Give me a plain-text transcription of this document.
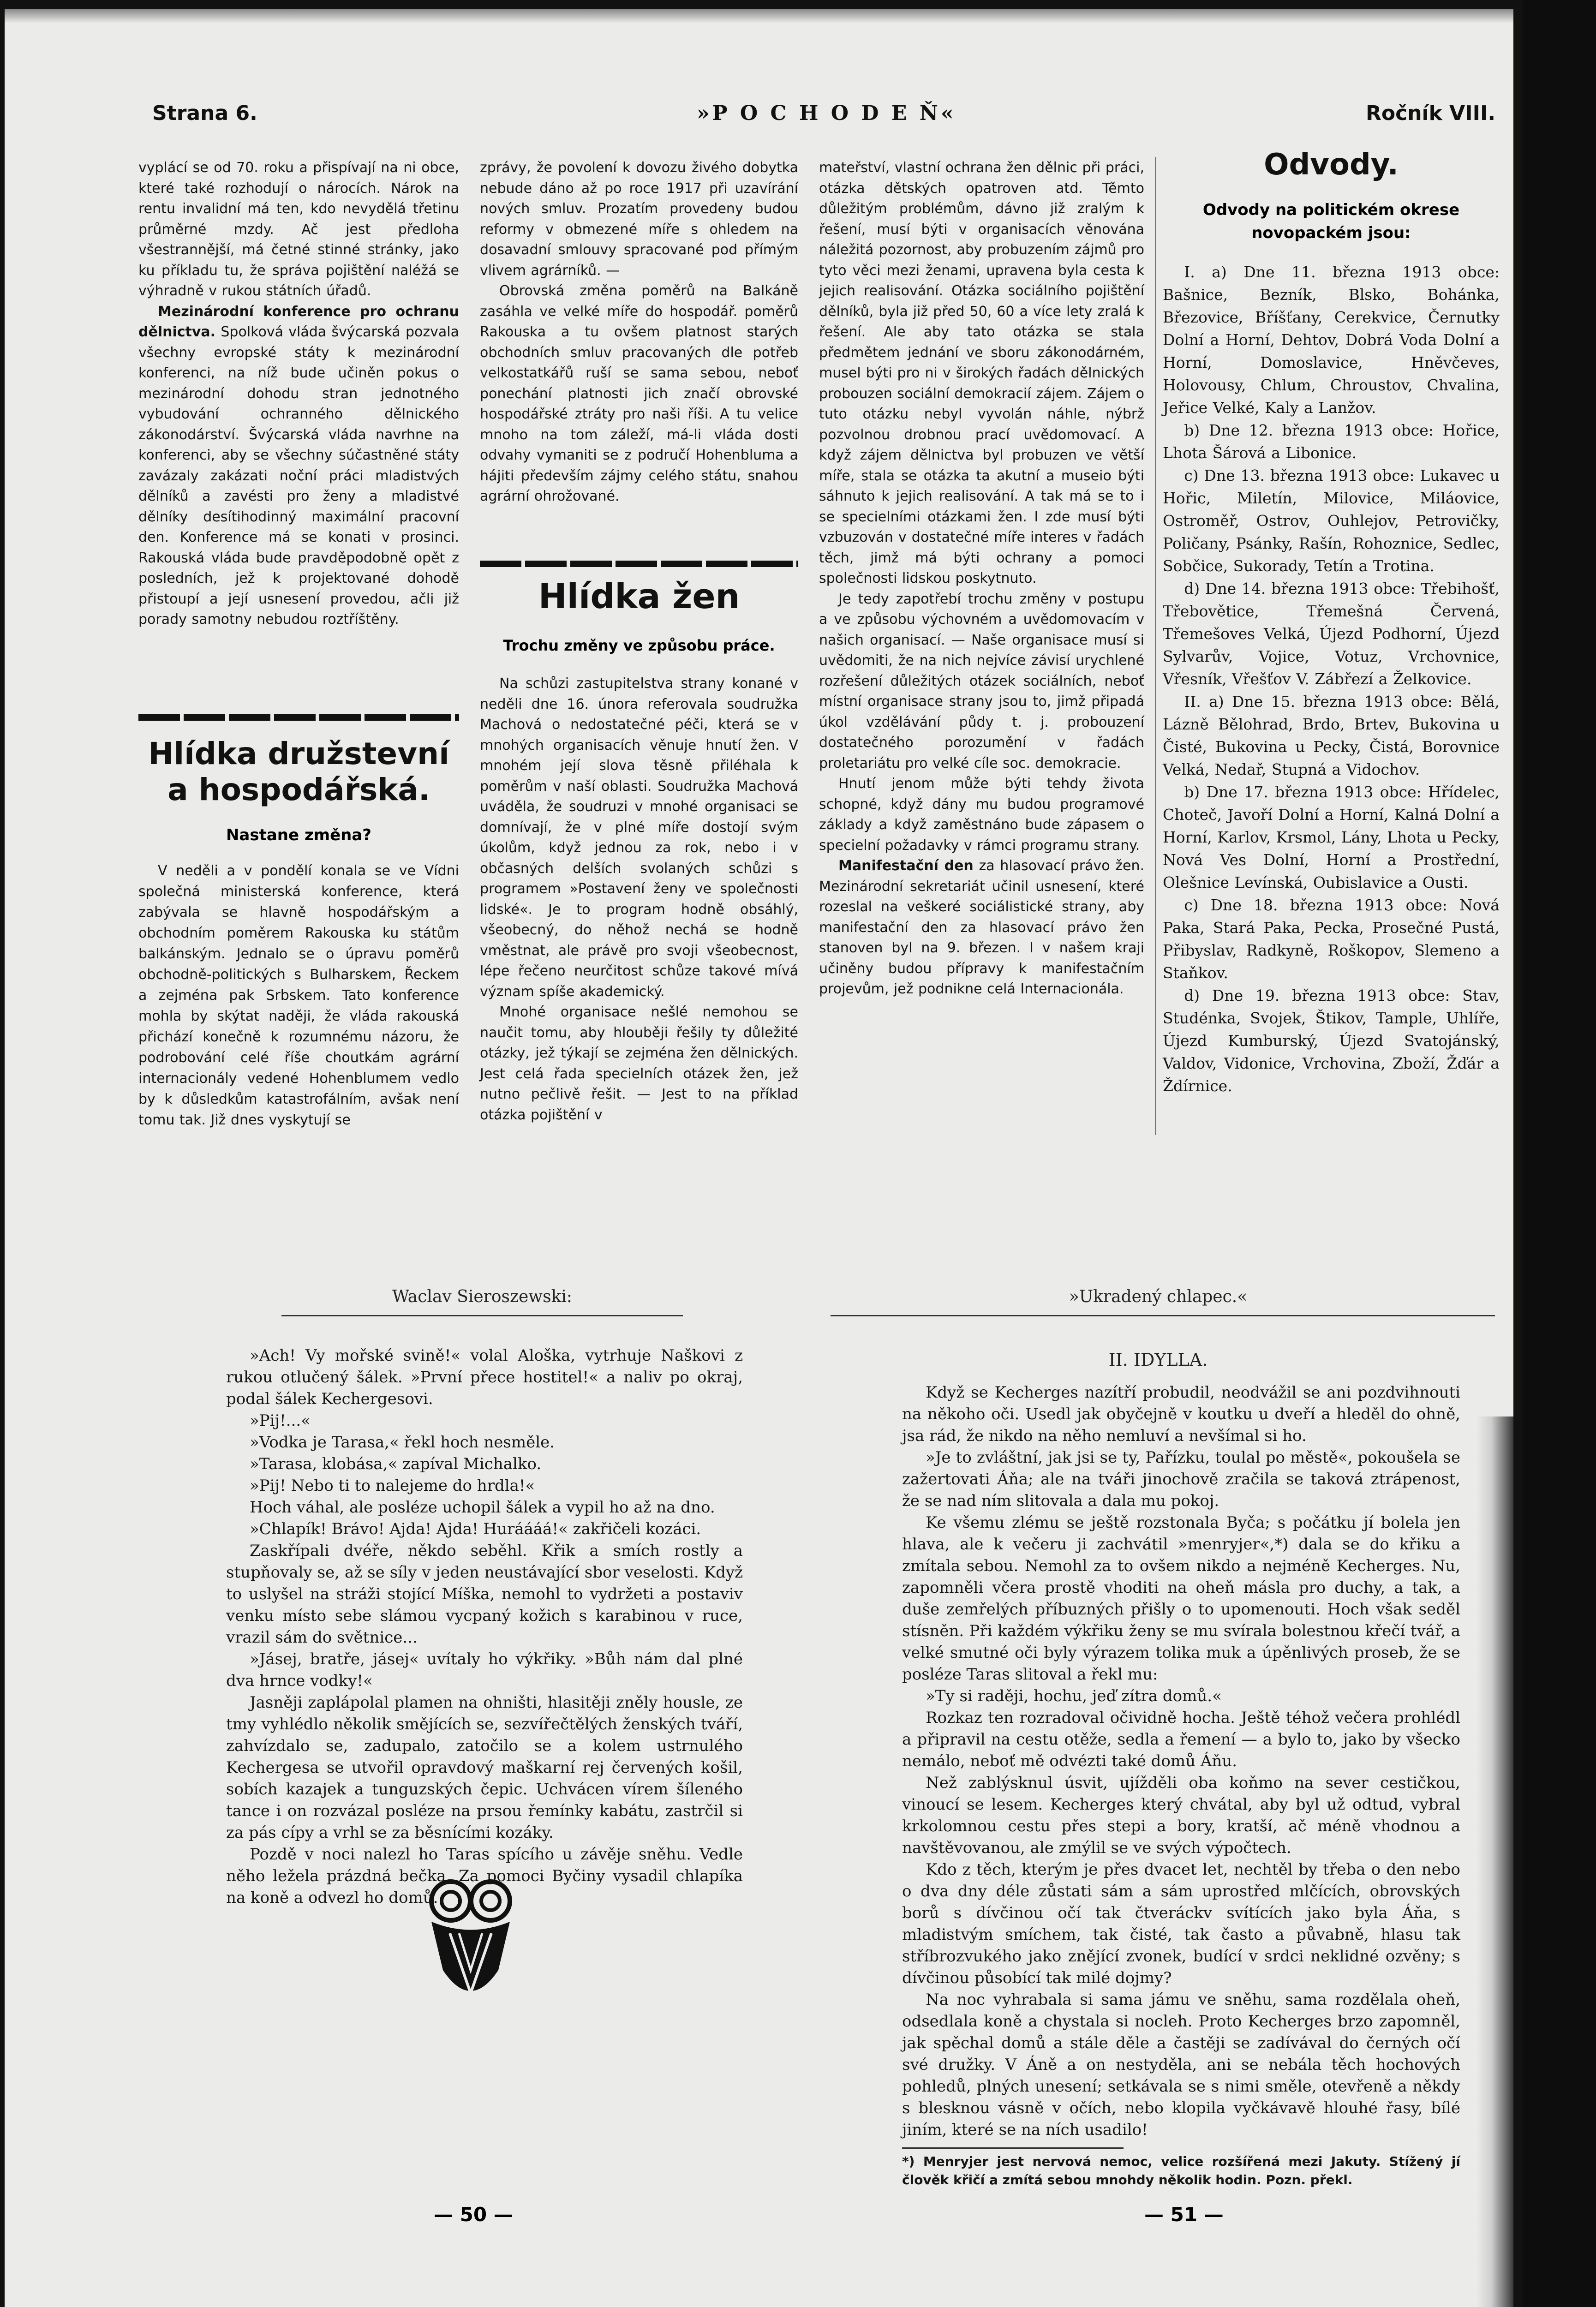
Strana 6.	»P O C H O D E Ň«	Ročník VIII.

vyplácí se od 70. roku a přispívají na ni obce, které také rozhodují o nárocích. Nárok na rentu invalidní má ten, kdo nevydělá třetinu průměrné mzdy. Ač jest předloha všestrannější, má četné stinné stránky, jako ku příkladu tu, že správa pojištění naléžá se výhradně v rukou státních úřadů.

Mezinárodní konference pro ochranu dělnictva. Spolková vláda švýcarská pozvala všechny evropské státy k mezinárodní konferenci, na níž bude učiněn pokus o mezinárodní dohodu stran jednotného vybudování ochranného dělnického zákonodárství. Švýcarská vláda navrhne na konferenci, aby se všechny súčastněné státy zavázaly zakázati noční práci mladistvých dělníků a zavésti pro ženy a mladistvé dělníky desítihodinný maximální pracovní den. Konference má se konati v prosinci. Rakouská vláda bude pravděpodobně opět z posledních, jež k projektované dohodě přistoupí a její usnesení provedou, ačli již porady samotny nebudou roztříštěny.

Hlídka družstevní a hospodářská.
Nastane změna?

V neděli a v pondělí konala se ve Vídni společná ministerská konference, která zabývala se hlavně hospodářským a obchodním poměrem Rakouska ku státům balkánským. Jednalo se o úpravu poměrů obchodně-politických s Bulharskem, Řeckem a zejména pak Srbskem. Tato konference mohla by skýtat naději, že vláda rakouská přichází konečně k rozumnému názoru, že podrobování celé říše choutkám agrární internacionály vedené Hohenblumem vedlo by k důsledkům katastrofálním, avšak není tomu tak. Již dnes vyskytují se

zprávy, že povolení k dovozu živého dobytka nebude dáno až po roce 1917 při uzavírání nových smluv. Prozatím provedeny budou reformy v obmezené míře s ohledem na dosavadní smlouvy spracované pod přímým vlivem agrárníků. —

Obrovská změna poměrů na Balkáně zasáhla ve velké míře do hospodář. poměrů Rakouska a tu ovšem platnost starých obchodních smluv pracovaných dle potřeb velkostatkářů ruší se sama sebou, neboť ponechání platnosti jich značí obrovské hospodářské ztráty pro naši říši. A tu velice mnoho na tom záleží, má-li vláda dosti odvahy vymaniti se z područí Hohenbluma a hájiti především zájmy celého státu, snahou agrární ohrožované.

Hlídka žen
Trochu změny ve způsobu práce.

Na schůzi zastupitelstva strany konané v neděli dne 16. února referovala soudružka Machová o nedostatečné péči, která se v mnohých organisacích věnuje hnutí žen. V mnohém její slova těsně přiléhala k poměrům v naší oblasti. Soudružka Machová uváděla, že soudruzi v mnohé organisaci se domnívají, že v plné míře dostojí svým úkolům, když jednou za rok, nebo i v občasných delších svolaných schůzi s programem »Postavení ženy ve společnosti lidské«. Je to program hodně obsáhlý, všeobecný, do něhož nechá se hodně vměstnat, ale právě pro svoji všeobecnost, lépe řečeno neurčitost schůze takové mívá význam spíše akademický.

Mnohé organisace nešlé nemohou se naučit tomu, aby hlouběji řešily ty důležité otázky, jež týkají se zejména žen dělnických. Jest celá řada specielních otázek žen, jež nutno pečlivě řešit. — Jest to na příklad otázka pojištění v

mateřství, vlastní ochrana žen dělnic při práci, otázka dětských opatroven atd. Těmto důležitým problémům, dávno již zralým k řešení, musí býti v organisacích věnována náležitá pozornost, aby probuzením zájmů pro tyto věci mezi ženami, upravena byla cesta k jejich realisování. Otázka sociálního pojištění dělníků, byla již před 50, 60 a více lety zralá k řešení. Ale aby tato otázka se stala předmětem jednání ve sboru zákonodárném, musel býti pro ni v širokých řadách dělnických probouzen sociální demokracií zájem. Zájem o tuto otázku nebyl vyvolán náhle, nýbrž pozvolnou drobnou prací uvědomovací. A když zájem dělnictva byl probuzen ve větší míře, stala se otázka ta akutní a museio býti sáhnuto k jejich realisování. A tak má se to i se specielními otázkami žen. I zde musí býti vzbuzován v dostatečné míře interes v řadách těch, jimž má býti ochrany a pomoci společnosti lidskou poskytnuto.

Je tedy zapotřebí trochu změny v postupu a ve způsobu výchovném a uvědomovacím v našich organisací. — Naše organisace musí si uvědomiti, že na nich nejvíce závisí urychlené rozřešení důležitých otázek sociálních, neboť místní organisace strany jsou to, jimž připadá úkol vzdělávání půdy t. j. probouzení dostatečného porozumění v řadách proletariátu pro velké cíle soc. demokracie.

Hnutí jenom může býti tehdy života schopné, když dány mu budou programové základy a když zaměstnáno bude zápasem o specielní požadavky v rámci programu strany.

Manifestační den za hlasovací právo žen. Mezinárodní sekretariát učinil usnesení, které rozeslal na veškeré sociálistické strany, aby manifestační den za hlasovací právo žen stanoven byl na 9. březen. I v našem kraji učiněny budou přípravy k manifestačním projevům, jež podnikne celá Internacionála.

Odvody.
Odvody na politickém okrese novopackém jsou:

I. a) Dne 11. března 1913 obce: Bašnice, Bezník, Blsko, Bohánka, Březovice, Bříšťany, Cerekvice, Černutky Dolní a Horní, Dehtov, Dobrá Voda Dolní a Horní, Domoslavice, Hněvčeves, Holovousy, Chlum, Chroustov, Chvalina, Jeřice Velké, Kaly a Lanžov.

b) Dne 12. března 1913 obce: Hořice, Lhota Šárová a Libonice.

c) Dne 13. března 1913 obce: Lukavec u Hořic, Miletín, Milovice, Miláovice, Ostroměř, Ostrov, Ouhlejov, Petrovičky, Poličany, Psánky, Rašín, Rohoznice, Sedlec, Sobčice, Sukorady, Tetín a Trotina.

d) Dne 14. března 1913 obce: Třebihošť, Třebovětice, Třemešná Červená, Třemešoves Velká, Újezd Podhorní, Újezd Sylvarův, Vojice, Votuz, Vrchovnice, Vřesník, Vřešťov V. Zábřezí a Želkovice.

II. a) Dne 15. března 1913 obce: Bělá, Lázně Bělohrad, Brdo, Brtev, Bukovina u Čisté, Bukovina u Pecky, Čistá, Borovnice Velká, Nedař, Stupná a Vidochov.

b) Dne 17. března 1913 obce: Hřídelec, Choteč, Javoří Dolní a Horní, Kalná Dolní a Horní, Karlov, Krsmol, Lány, Lhota u Pecky, Nová Ves Dolní, Horní a Prostřední, Olešnice Levínská, Oubislavice a Ousti.

c) Dne 18. března 1913 obce: Nová Paka, Stará Paka, Pecka, Prosečné Pustá, Přibyslav, Radkyně, Roškopov, Slemeno a Staňkov.

d) Dne 19. března 1913 obce: Stav, Studénka, Svojek, Štikov, Tample, Uhlíře, Újezd Kumburský, Újezd Svatojánský, Valdov, Vidonice, Vrchovina, Zboží, Žďár a Ždírnice.

Waclav Sieroszewski:

»Ach! Vy mořské svině!« volal Aloška, vytrhuje Naškovi z rukou otlučený šálek. »První přece hostitel!« a naliv po okraj, podal šálek Kechergesovi.

»Pij!...«

»Vodka je Tarasa,« řekl hoch nesměle.

»Tarasa, klobása,« zapíval Michalko.

»Pij! Nebo ti to nalejeme do hrdla!«

Hoch váhal, ale posléze uchopil šálek a vypil ho až na dno.

»Chlapík! Brávo! Ajda! Ajda! Huráááá!« zakřičeli kozáci.

Zaskřípali dvéře, někdo seběhl. Křik a smích rostly a stupňovaly se, až se síly v jeden neustávající sbor veselosti. Když to uslyšel na stráži stojící Míška, nemohl to vydržeti a postaviv venku místo sebe slámou vycpaný kožich s karabinou v ruce, vrazil sám do světnice...

»Jásej, bratře, jásej« uvítaly ho výkřiky. »Bůh nám dal plné dva hrnce vodky!«

Jasněji zaplápolal plamen na ohništi, hlasitěji zněly housle, ze tmy vyhlédlo několik smějících se, sezvířečtělých ženských tváří, zahvízdalo se, zadupalo, zatočilo se a kolem ustrnulého Kechergesa se utvořil opravdový maškarní rej červených košil, sobích kazajek a tunguzských čepic. Uchvácen vírem šíleného tance i on rozvázal posléze na prsou řemínky kabátu, zastrčil si za pás cípy a vrhl se za běsnícími kozáky.

Pozdě v noci nalezl ho Taras spícího u závěje sněhu. Vedle něho ležela prázdná bečka. Za pomoci Byčiny vysadil chlapíka na koně a odvezl ho domů.

— 50 —
»Ukradený chlapec.«
II. IDYLLA.

Když se Kecherges nazítří probudil, neodvážil se ani pozdvihnouti na někoho oči. Usedl jak obyčejně v koutku u dveří a hleděl do ohně, jsa rád, že nikdo na něho nemluví a nevšímal si ho.

»Je to zvláštní, jak jsi se ty, Pařízku, toulal po městě«, pokoušela se zažertovati Áňa; ale na tváři jinochově zračila se taková ztrápenost, že se nad ním slitovala a dala mu pokoj.

Ke všemu zlému se ještě rozstonala Byča; s počátku jí bolela jen hlava, ale k večeru ji zachvátil »menryjer«,*) dala se do křiku a zmítala sebou. Nemohl za to ovšem nikdo a nejméně Kecherges. Nu, zapomněli včera prostě vhoditi na oheň másla pro duchy, a tak, a duše zemřelých příbuzných přišly o to upomenouti. Hoch však seděl stísněn. Při každém výkřiku ženy se mu svírala bolestnou křečí tvář, a velké smutné oči byly výrazem tolika muk a úpěnlivých proseb, že se posléze Taras slitoval a řekl mu:

»Ty si raději, hochu, jeď zítra domů.«

Rozkaz ten rozradoval očividně hocha. Ještě téhož večera prohlédl a připravil na cestu otěže, sedla a řemení — a bylo to, jako by všecko nemálo, neboť mě odvézti také domů Áňu.

Než zablýsknul úsvit, ujížděli oba koňmo na sever cestičkou, vinoucí se lesem. Kecherges který chvátal, aby byl už odtud, vybral krkolomnou cestu přes stepi a bory, kratší, ač méně vhodnou a navštěvovanou, ale zmýlil se ve svých výpočtech.

Kdo z těch, kterým je přes dvacet let, nechtěl by třeba o den nebo o dva dny déle zůstati sám a sám uprostřed mlčících, obrovských borů s dívčinou očí tak čtveráckv svítících jako byla Áňa, s mladistvým smíchem, tak čisté, tak často a půvabně, hlasu tak stříbrozvukého jako znějící zvonek, budící v srdci neklidné ozvěny; s dívčinou působící tak milé dojmy?

Na noc vyhrabala si sama jámu ve sněhu, sama rozdělala oheň, odsedlala koně a chystala si nocleh. Proto Kecherges brzo zapomněl, jak spěchal domů a stále děle a častěji se zadívával do černých očí své družky. V Áně a on nestyděla, ani se nebála těch hochových pohledů, plných unesení; setkávala se s nimi směle, otevřeně a někdy s blesknou vásně v očích, nebo klopila vyčkávavě hlouhé řasy, bílé jiním, které se na ních usadilo!

*) Menryjer jest nervová nemoc, velice rozšířená mezi Jakuty. Stížený jí člověk křičí a zmítá sebou mnohdy několik hodin. Pozn. překl.
— 51 —
